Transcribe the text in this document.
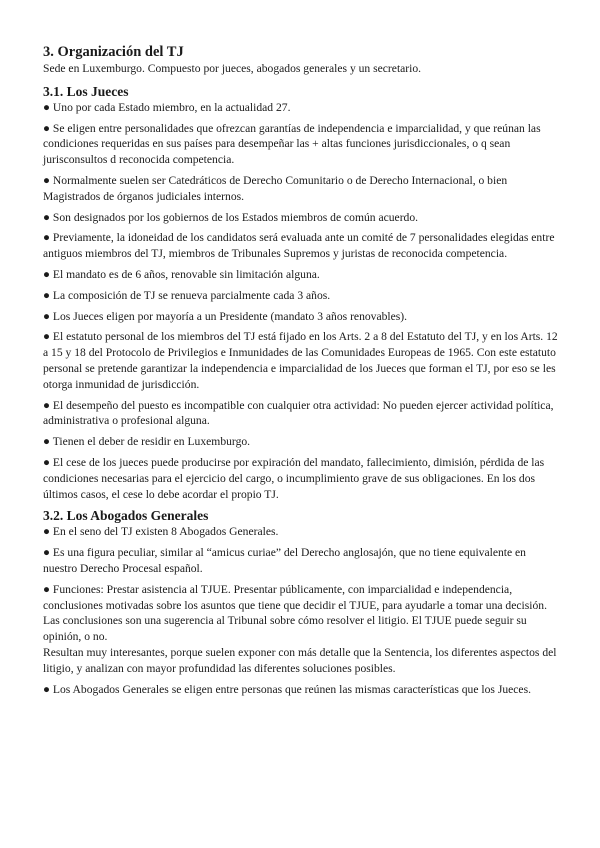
3. Organización del TJ

Sede en Luxemburgo. Compuesto por jueces, abogados generales y un secretario.

3.1. Los Jueces

● Uno por cada Estado miembro, en la actualidad 27.

● Se eligen entre personalidades que ofrezcan garantías de independencia e imparcialidad, y que reúnan las condiciones requeridas en sus países para desempeñar las + altas funciones jurisdiccionales, o q sean jurisconsultos d reconocida competencia.

● Normalmente suelen ser Catedráticos de Derecho Comunitario o de Derecho Internacional, o bien Magistrados de órganos judiciales internos.

● Son designados por los gobiernos de los Estados miembros de común acuerdo.

● Previamente, la idoneidad de los candidatos será evaluada ante un comité de 7 personalidades elegidas entre antiguos miembros del TJ, miembros de Tribunales Supremos y juristas de reconocida competencia.

● El mandato es de 6 años, renovable sin limitación alguna.

● La composición de TJ se renueva parcialmente cada 3 años.

● Los Jueces eligen por mayoría a un Presidente (mandato 3 años renovables).

● El estatuto personal de los miembros del TJ está fijado en los Arts. 2 a 8 del Estatuto del TJ, y en los Arts. 12 a 15 y 18 del Protocolo de Privilegios e Inmunidades de las Comunidades Europeas de 1965. Con este estatuto personal se pretende garantizar la independencia e imparcialidad de los Jueces que forman el TJ, por eso se les otorga inmunidad de jurisdicción.

● El desempeño del puesto es incompatible con cualquier otra actividad: No pueden ejercer actividad política, administrativa o profesional alguna.

● Tienen el deber de residir en Luxemburgo.

● El cese de los jueces puede producirse por expiración del mandato, fallecimiento, dimisión, pérdida de las condiciones necesarias para el ejercicio del cargo, o incumplimiento grave de sus obligaciones. En los dos últimos casos, el cese lo debe acordar el propio TJ.

3.2. Los Abogados Generales

● En el seno del TJ existen 8 Abogados Generales.

● Es una figura peculiar, similar al “amicus curiae” del Derecho anglosajón, que no tiene equivalente en nuestro Derecho Procesal español.

● Funciones: Prestar asistencia al TJUE. Presentar públicamente, con imparcialidad e independencia, conclusiones motivadas sobre los asuntos que tiene que decidir el TJUE, para ayudarle a tomar una decisión. Las conclusiones son una sugerencia al Tribunal sobre cómo resolver el litigio. El TJUE puede seguir su opinión, o no.
Resultan muy interesantes, porque suelen exponer con más detalle que la Sentencia, los diferentes aspectos del litigio, y analizan con mayor profundidad las diferentes soluciones posibles.

● Los Abogados Generales se eligen entre personas que reúnen las mismas características que los Jueces.
